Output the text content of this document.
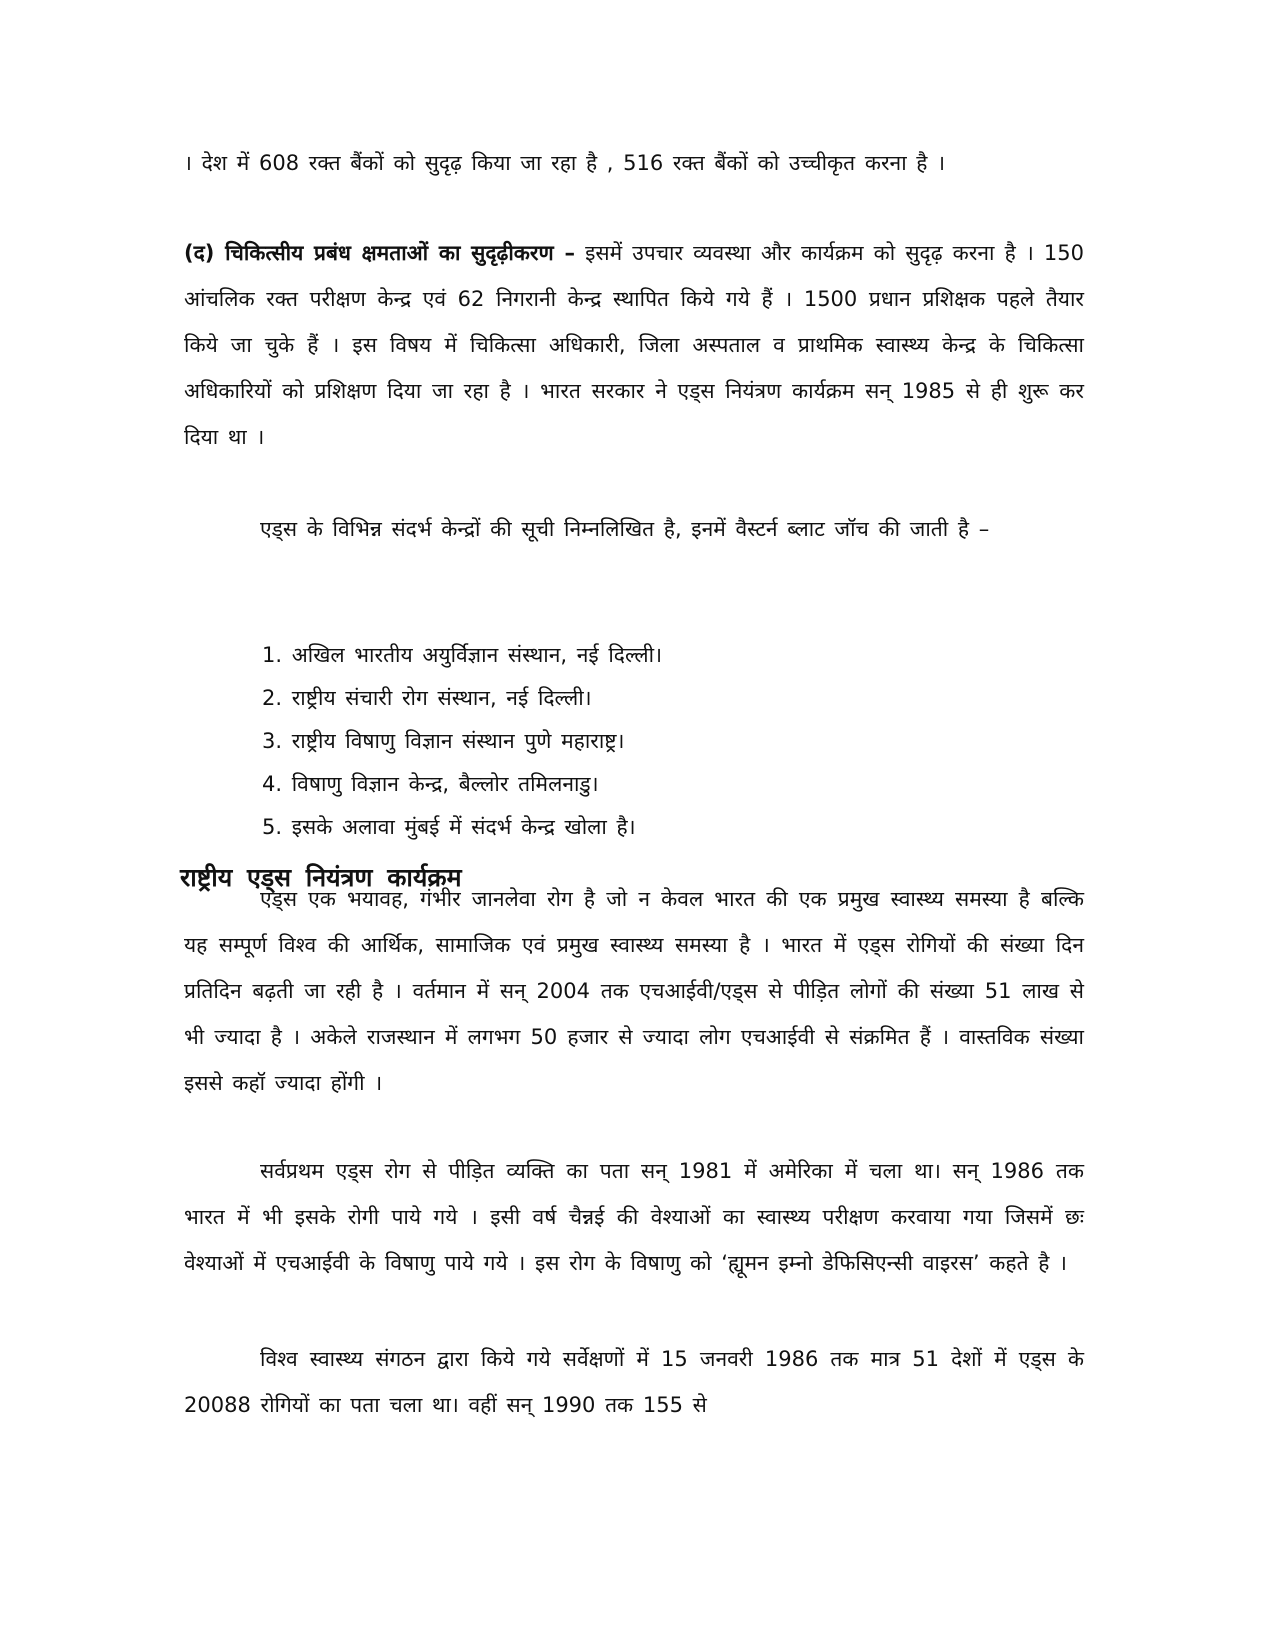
। देश में 608 रक्त बैंकों को सुदृढ़ किया जा रहा है , 516 रक्त बैंकों को उच्चीकृत करना है ।

(द) चिकित्सीय प्रबंध क्षमताओं का सुदृढ़ीकरण – इसमें उपचार व्यवस्था और कार्यक्रम को सुदृढ़ करना है । 150 आंचलिक रक्त परीक्षण केन्द्र एवं 62 निगरानी केन्द्र स्थापित किये गये हैं । 1500 प्रधान प्रशिक्षक पहले तैयार किये जा चुके हैं । इस विषय में चिकित्सा अधिकारी, जिला अस्पताल व प्राथमिक स्वास्थ्य केन्द्र के चिकित्सा अधिकारियों को प्रशिक्षण दिया जा रहा है । भारत सरकार ने एड्स नियंत्रण कार्यक्रम सन् 1985 से ही शुरू कर दिया था ।

एड्स के विभिन्न संदर्भ केन्द्रों की सूची निम्नलिखित है, इनमें वैस्टर्न ब्लाट जॉच की जाती है –

1. अखिल भारतीय अयुर्विज्ञान संस्थान, नई दिल्ली।
2. राष्ट्रीय संचारी रोग संस्थान, नई दिल्ली।
3. राष्ट्रीय विषाणु विज्ञान संस्थान पुणे महाराष्ट्र।
4. विषाणु विज्ञान केन्द्र, बैल्लोर तमिलनाडु।
5. इसके अलावा मुंबई में संदर्भ केन्द्र खोला है।
राष्ट्रीय एड्स नियंत्रण कार्यक्रम

एड्स एक भयावह, गंभीर जानलेवा रोग है जो न केवल भारत की एक प्रमुख स्वास्थ्य समस्या है बल्कि यह सम्पूर्ण विश्व की आर्थिक, सामाजिक एवं प्रमुख स्वास्थ्य समस्या है । भारत में एड्स रोगियों की संख्या दिन प्रतिदिन बढ़ती जा रही है । वर्तमान में सन् 2004 तक एचआईवी/एड्स से पीड़ित लोगों की संख्या 51 लाख से भी ज्यादा है । अकेले राजस्थान में लगभग 50 हजार से ज्यादा लोग एचआईवी से संक्रमित हैं । वास्तविक संख्या इससे कहॉ ज्यादा होंगी ।

सर्वप्रथम एड्स रोग से पीड़ित व्यक्ति का पता सन् 1981 में अमेरिका में चला था। सन् 1986 तक भारत में भी इसके रोगी पाये गये । इसी वर्ष चैन्नई की वेश्याओं का स्वास्थ्य परीक्षण करवाया गया जिसमें छः वेश्याओं में एचआईवी के विषाणु पाये गये । इस रोग के विषाणु को ‘ह्यूमन इम्नो डेफिसिएन्सी वाइरस’ कहते है ।

विश्व स्वास्थ्य संगठन द्वारा किये गये सर्वेक्षणों में 15 जनवरी 1986 तक मात्र 51 देशों में एड्स के 20088 रोगियों का पता चला था। वहीं सन् 1990 तक 155 से
